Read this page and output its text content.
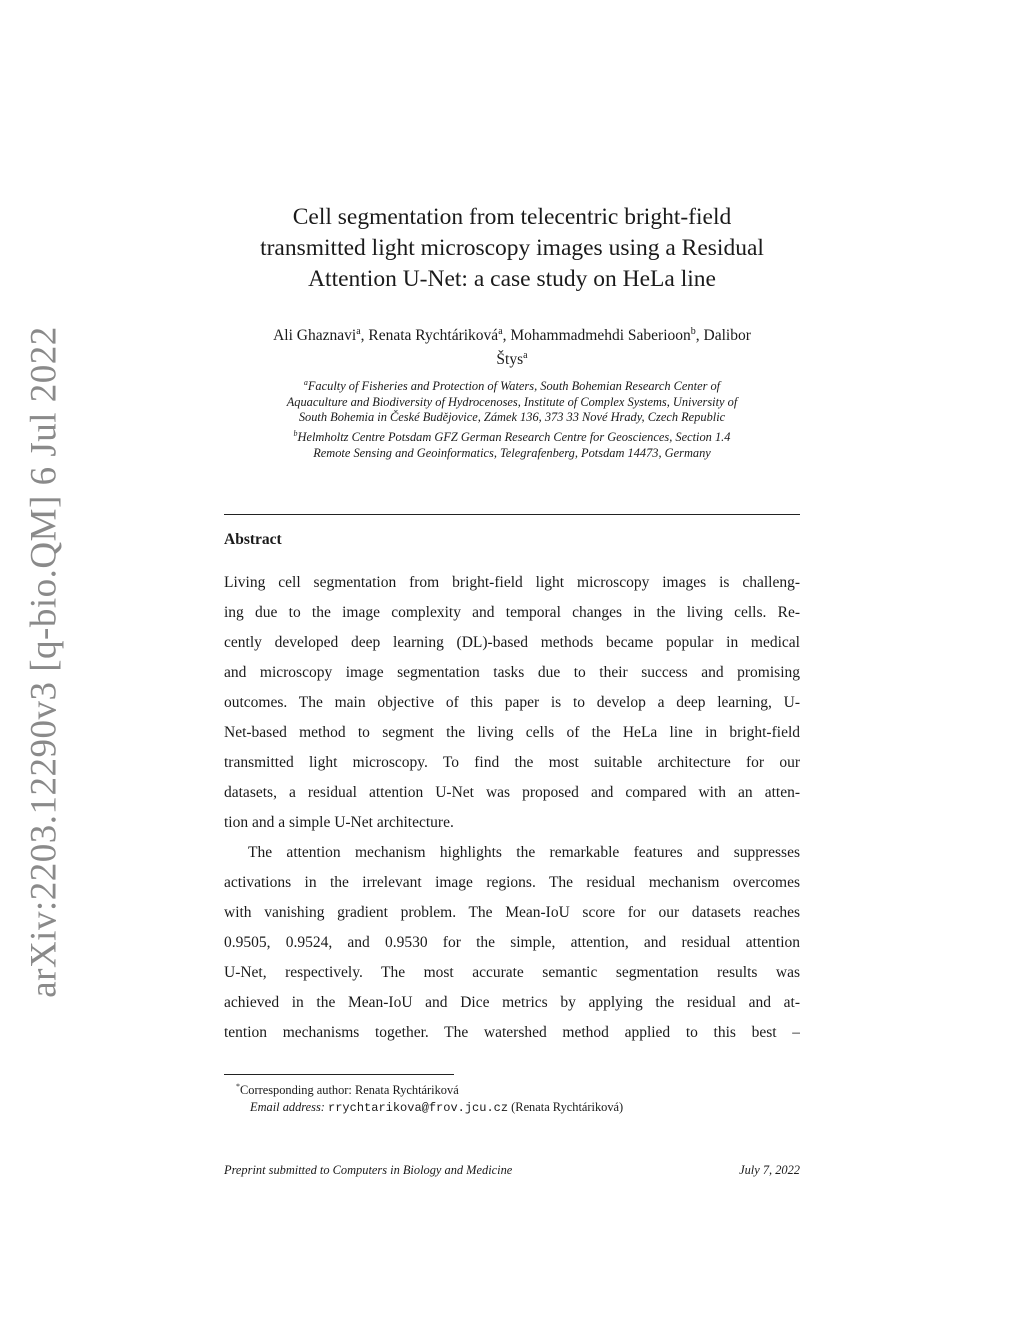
arXiv:2203.12290v3 [q-bio.QM] 6 Jul 2022
Cell segmentation from telecentric bright-field
transmitted light microscopy images using a Residual
Attention U-Net: a case study on HeLa line
Ali Ghaznavi$^a$, Renata Rychtáriková$^a$, Mohammadmehdi Saberioon$^b$, Dalibor
Štys$^a$
$^a$Faculty of Fisheries and Protection of Waters, South Bohemian Research Center of
Aquaculture and Biodiversity of Hydrocenoses, Institute of Complex Systems, University of
South Bohemia in České Budějovice, Zámek 136, 373 33 Nové Hrady, Czech Republic
$^b$Helmholtz Centre Potsdam GFZ German Research Centre for Geosciences, Section 1.4
Remote Sensing and Geoinformatics, Telegrafenberg, Potsdam 14473, Germany
Abstract
Living cell segmentation from bright-field light microscopy images is challeng-
ing due to the image complexity and temporal changes in the living cells. Re-
cently developed deep learning (DL)-based methods became popular in medical
and microscopy image segmentation tasks due to their success and promising
outcomes. The main objective of this paper is to develop a deep learning, U-
Net-based method to segment the living cells of the HeLa line in bright-field
transmitted light microscopy. To find the most suitable architecture for our
datasets, a residual attention U-Net was proposed and compared with an atten-
tion and a simple U-Net architecture.
The attention mechanism highlights the remarkable features and suppresses
activations in the irrelevant image regions. The residual mechanism overcomes
with vanishing gradient problem. The Mean-IoU score for our datasets reaches
0.9505, 0.9524, and 0.9530 for the simple, attention, and residual attention
U-Net, respectively. The most accurate semantic segmentation results was
achieved in the Mean-IoU and Dice metrics by applying the residual and at-
tention mechanisms together. The watershed method applied to this best –
*Corresponding author: Renata Rychtáriková
Email address: rrychtarikova@frov.jcu.cz (Renata Rychtáriková)
Preprint submitted to Computers in Biology and Medicine	July 7, 2022
